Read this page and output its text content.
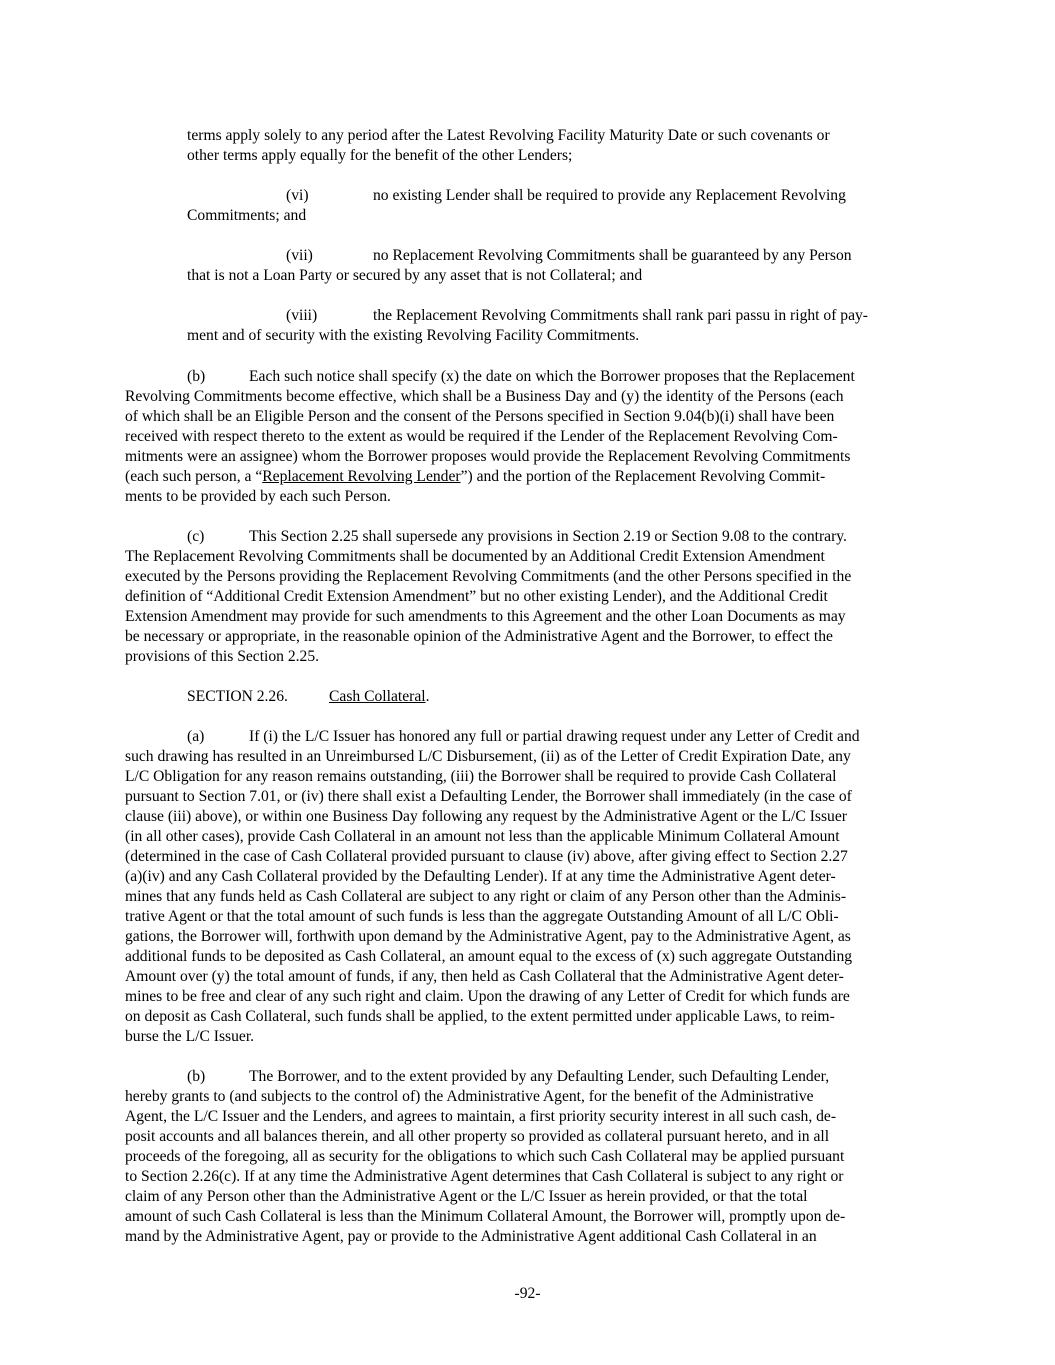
terms apply solely to any period after the Latest Revolving Facility Maturity Date or such covenants or
other terms apply equally for the benefit of the other Lenders;
(vi)	no existing Lender shall be required to provide any Replacement Revolving
Commitments; and
(vii)	no Replacement Revolving Commitments shall be guaranteed by any Person
that is not a Loan Party or secured by any asset that is not Collateral; and
(viii)	the Replacement Revolving Commitments shall rank pari passu in right of pay-
ment and of security with the existing Revolving Facility Commitments.
(b)	Each such notice shall specify (x) the date on which the Borrower proposes that the Replacement
Revolving Commitments become effective, which shall be a Business Day and (y) the identity of the Persons (each
of which shall be an Eligible Person and the consent of the Persons specified in Section 9.04(b)(i) shall have been
received with respect thereto to the extent as would be required if the Lender of the Replacement Revolving Com-
mitments were an assignee) whom the Borrower proposes would provide the Replacement Revolving Commitments
(each such person, a “Replacement Revolving Lender”) and the portion of the Replacement Revolving Commit-
ments to be provided by each such Person.
(c)	This Section 2.25 shall supersede any provisions in Section 2.19 or Section 9.08 to the contrary.
The Replacement Revolving Commitments shall be documented by an Additional Credit Extension Amendment
executed by the Persons providing the Replacement Revolving Commitments (and the other Persons specified in the
definition of “Additional Credit Extension Amendment” but no other existing Lender), and the Additional Credit
Extension Amendment may provide for such amendments to this Agreement and the other Loan Documents as may
be necessary or appropriate, in the reasonable opinion of the Administrative Agent and the Borrower, to effect the
provisions of this Section 2.25.
SECTION 2.26.	Cash Collateral.
(a)	If (i) the L/C Issuer has honored any full or partial drawing request under any Letter of Credit and
such drawing has resulted in an Unreimbursed L/C Disbursement, (ii) as of the Letter of Credit Expiration Date, any
L/C Obligation for any reason remains outstanding, (iii) the Borrower shall be required to provide Cash Collateral
pursuant to Section 7.01, or (iv) there shall exist a Defaulting Lender, the Borrower shall immediately (in the case of
clause (iii) above), or within one Business Day following any request by the Administrative Agent or the L/C Issuer
(in all other cases), provide Cash Collateral in an amount not less than the applicable Minimum Collateral Amount
(determined in the case of Cash Collateral provided pursuant to clause (iv) above, after giving effect to Section 2.27
(a)(iv) and any Cash Collateral provided by the Defaulting Lender). If at any time the Administrative Agent deter-
mines that any funds held as Cash Collateral are subject to any right or claim of any Person other than the Adminis-
trative Agent or that the total amount of such funds is less than the aggregate Outstanding Amount of all L/C Obli-
gations, the Borrower will, forthwith upon demand by the Administrative Agent, pay to the Administrative Agent, as
additional funds to be deposited as Cash Collateral, an amount equal to the excess of (x) such aggregate Outstanding
Amount over (y) the total amount of funds, if any, then held as Cash Collateral that the Administrative Agent deter-
mines to be free and clear of any such right and claim. Upon the drawing of any Letter of Credit for which funds are
on deposit as Cash Collateral, such funds shall be applied, to the extent permitted under applicable Laws, to reim-
burse the L/C Issuer.
(b)	The Borrower, and to the extent provided by any Defaulting Lender, such Defaulting Lender,
hereby grants to (and subjects to the control of) the Administrative Agent, for the benefit of the Administrative
Agent, the L/C Issuer and the Lenders, and agrees to maintain, a first priority security interest in all such cash, de-
posit accounts and all balances therein, and all other property so provided as collateral pursuant hereto, and in all
proceeds of the foregoing, all as security for the obligations to which such Cash Collateral may be applied pursuant
to Section 2.26(c). If at any time the Administrative Agent determines that Cash Collateral is subject to any right or
claim of any Person other than the Administrative Agent or the L/C Issuer as herein provided, or that the total
amount of such Cash Collateral is less than the Minimum Collateral Amount, the Borrower will, promptly upon de-
mand by the Administrative Agent, pay or provide to the Administrative Agent additional Cash Collateral in an
-92-
